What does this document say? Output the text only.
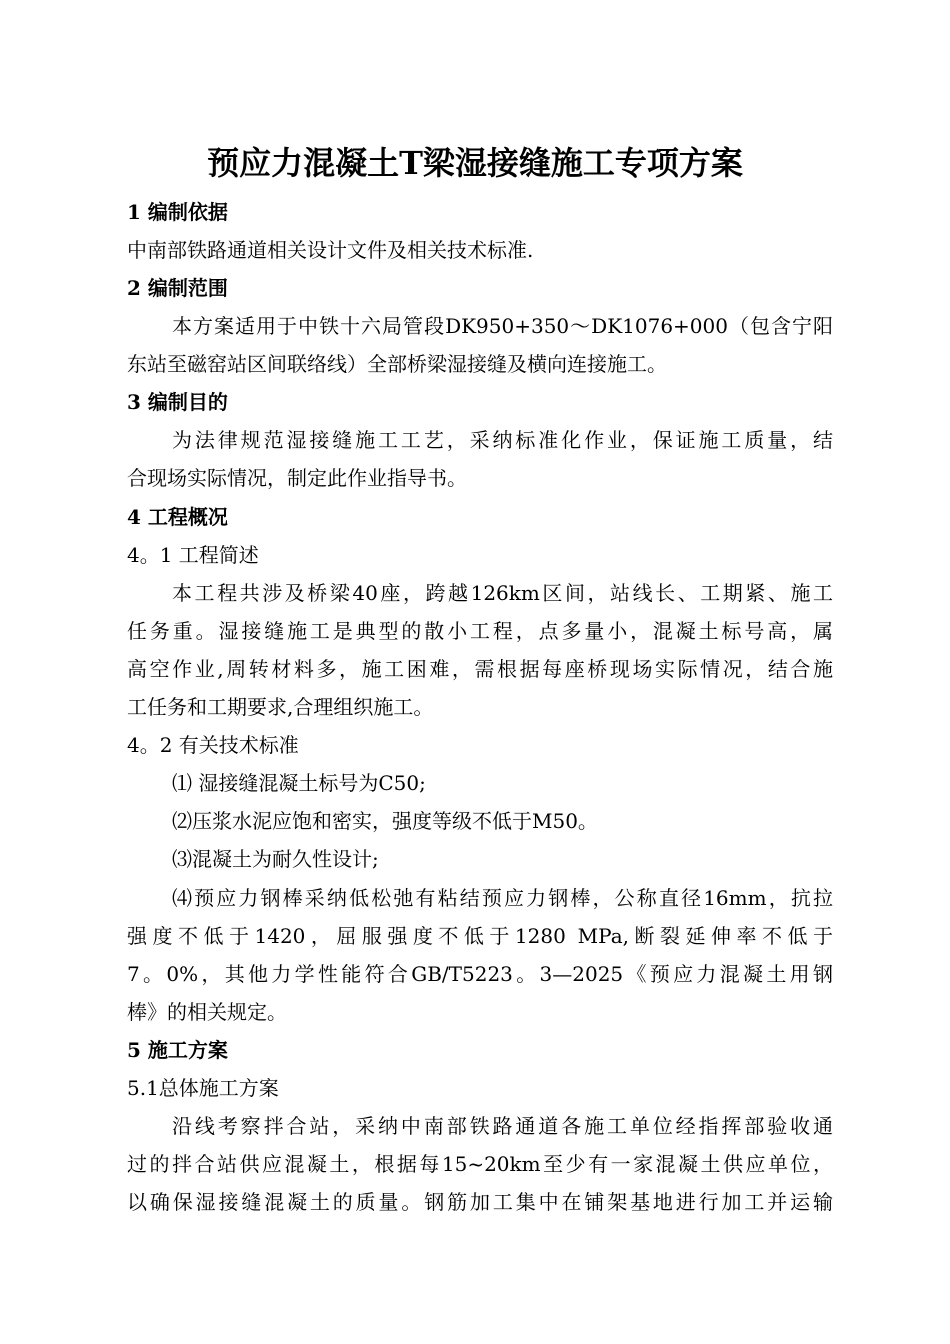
预应力混凝土T梁湿接缝施工专项方案
1 编制依据
中南部铁路通道相关设计文件及相关技术标准.
2 编制范围
本方案适用于中铁十六局管段DK950+350～DK1076+000（包含宁阳
东站至磁窑站区间联络线）全部桥梁湿接缝及横向连接施工。
3 编制目的
为法律规范湿接缝施工工艺，采纳标准化作业，保证施工质量，结
合现场实际情况，制定此作业指导书。
4 工程概况
4。1 工程简述
本工程共涉及桥梁40座，跨越126km区间，站线长、工期紧、施工
任务重。湿接缝施工是典型的散小工程，点多量小，混凝土标号高，属
高空作业,周转材料多，施工困难，需根据每座桥现场实际情况，结合施
工任务和工期要求,合理组织施工。
4。2 有关技术标准
⑴ 湿接缝混凝土标号为C50;
⑵压浆水泥应饱和密实，强度等级不低于M50。
⑶混凝土为耐久性设计;
⑷预应力钢棒采纳低松弛有粘结预应力钢棒，公称直径16mm，抗拉
强度不低于1420，屈服强度不低于1280 MPa,断裂延伸率不低于
7。0%，其他力学性能符合GB/T5223。3—2025《预应力混凝土用钢
棒》的相关规定。
5 施工方案
5.1总体施工方案
沿线考察拌合站，采纳中南部铁路通道各施工单位经指挥部验收通
过的拌合站供应混凝土，根据每15~20km至少有一家混凝土供应单位，
以确保湿接缝混凝土的质量。钢筋加工集中在铺架基地进行加工并运输
